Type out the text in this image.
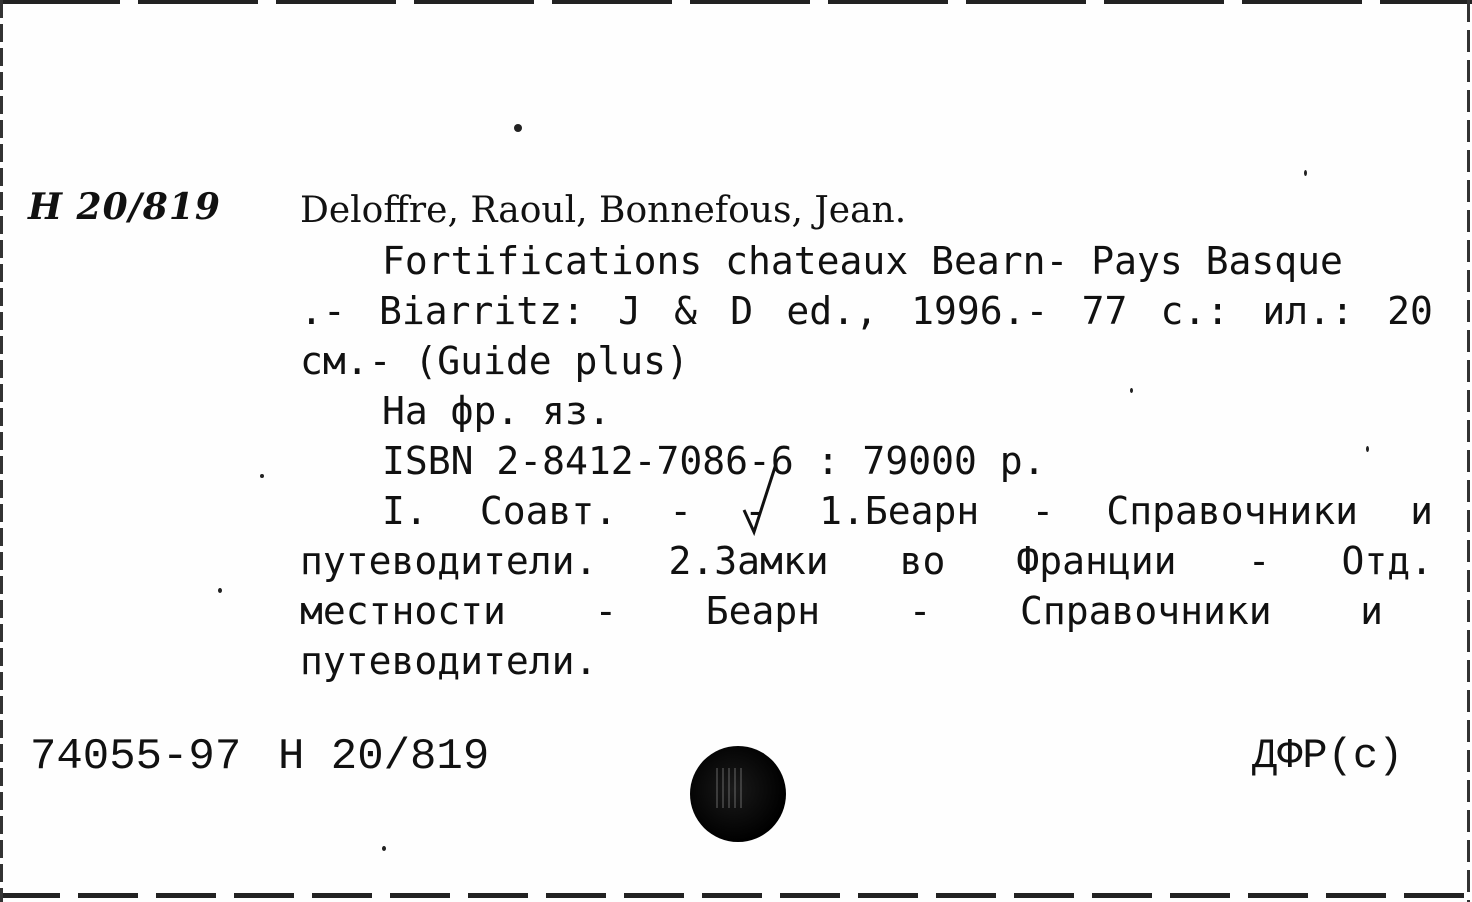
Н 20/819 Deloffre, Raoul, Bonnefous, Jean.
Fortifications chateaux Bearn- Pays Basque
.- Biarritz: J & D ed., 1996.- 77 с.: ил.: 20
см.- (Guide plus)
На фр. яз.
ISBN 2-8412-7086-6 : 79000 р.
I. Соавт. - - 1.Беарн - Справочники и
путеводители. 2.Замки во Франции - Отд.
местности - Беарн - Справочники и
путеводители.
74055-97 Н 20/819	ДФР(с)
